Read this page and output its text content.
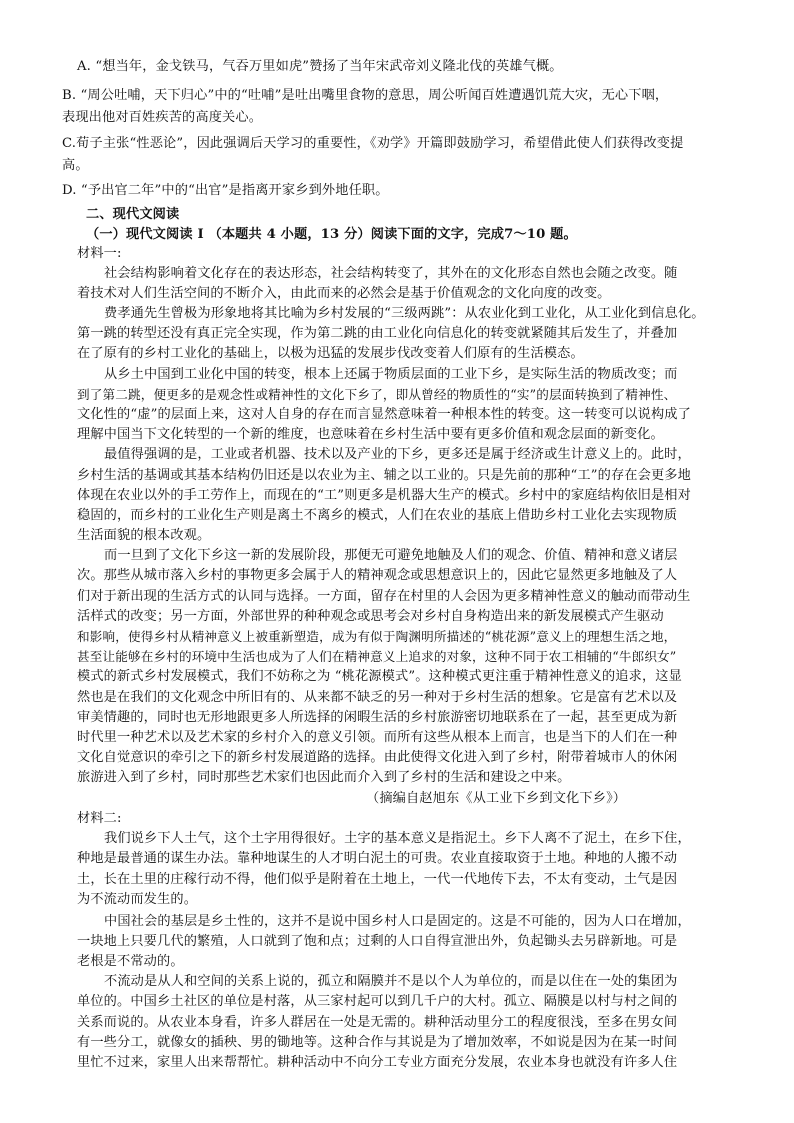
A. “想当年，金戈铁马，气吞万里如虎”赞扬了当年宋武帝刘义隆北伐的英雄气概。
B. “周公吐哺，天下归心”中的“吐哺”是吐出嘴里食物的意思，周公听闻百姓遭遇饥荒大灾，无心下咽，
表现出他对百姓疾苦的高度关心。
C.荀子主张“性恶论”，因此强调后天学习的重要性，《劝学》开篇即鼓励学习，希望借此使人们获得改变提
高。
D. “予出官二年”中的“出官”是指离开家乡到外地任职。
二、现代文阅读
（一）现代文阅读 I （本题共 4 小题，13 分）阅读下面的文字，完成7～10 题。
材料一:
社会结构影响着文化存在的表达形态，社会结构转变了，其外在的文化形态自然也会随之改变。随
着技术对人们生活空间的不断介入，由此而来的必然会是基于价值观念的文化向度的改变。
费孝通先生曾极为形象地将其比喻为乡村发展的“三级两跳”：从农业化到工业化，从工业化到信息化。
第一跳的转型还没有真正完全实现，作为第二跳的由工业化向信息化的转变就紧随其后发生了，并叠加
在了原有的乡村工业化的基础上，以极为迅猛的发展步伐改变着人们原有的生活模态。
从乡土中国到工业化中国的转变，根本上还属于物质层面的工业下乡，是实际生活的物质改变；而
到了第二跳，便更多的是观念性或精神性的文化下乡了，即从曾经的物质性的“实”的层面转换到了精神性、
文化性的“虚”的层面上来，这对人自身的存在而言显然意味着一种根本性的转变。这一转变可以说构成了
理解中国当下文化转型的一个新的维度，也意味着在乡村生活中要有更多价值和观念层面的新变化。
最值得强调的是，工业或者机器、技术以及产业的下乡，更多还是属于经济或生计意义上的。此时，
乡村生活的基调或其基本结构仍旧还是以农业为主、辅之以工业的。只是先前的那种“工”的存在会更多地
体现在农业以外的手工劳作上，而现在的“工”则更多是机器大生产的模式。乡村中的家庭结构依旧是相对
稳固的，而乡村的工业化生产则是离土不离乡的模式，人们在农业的基底上借助乡村工业化去实现物质
生活面貌的根本改观。
而一旦到了文化下乡这一新的发展阶段，那便无可避免地触及人们的观念、价值、精神和意义诸层
次。那些从城市落入乡村的事物更多会属于人的精神观念或思想意识上的，因此它显然更多地触及了人
们对于新出现的生活方式的认同与选择。一方面，留存在村里的人会因为更多精神性意义的触动而带动生
活样式的改变；另一方面，外部世界的种种观念或思考会对乡村自身构造出来的新发展模式产生驱动
和影响，使得乡村从精神意义上被重新塑造，成为有似于陶渊明所描述的“桃花源”意义上的理想生活之地，
甚至让能够在乡村的环境中生活也成为了人们在精神意义上追求的对象，这种不同于农工相辅的“牛郎织女”
模式的新式乡村发展模式，我们不妨称之为 “桃花源模式”。这种模式更注重于精神性意义的追求，这显
然也是在我们的文化观念中所旧有的、从来都不缺乏的另一种对于乡村生活的想象。它是富有艺术以及
审美情趣的，同时也无形地跟更多人所选择的闲暇生活的乡村旅游密切地联系在了一起，甚至更成为新
时代里一种艺术以及艺术家的乡村介入的意义引领。而所有这些从根本上而言，也是当下的人们在一种
文化自觉意识的牵引之下的新乡村发展道路的选择。由此使得文化进入到了乡村，附带着城市人的休闲
旅游进入到了乡村，同时那些艺术家们也因此而介入到了乡村的生活和建设之中来。
（摘编自赵旭东《从工业下乡到文化下乡》）
材料二:
我们说乡下人土气，这个土字用得很好。土字的基本意义是指泥土。乡下人离不了泥土，在乡下住，
种地是最普通的谋生办法。靠种地谋生的人才明白泥土的可贵。农业直接取资于土地。种地的人搬不动
土，长在土里的庄稼行动不得，他们似乎是附着在土地上，一代一代地传下去，不太有变动，土气是因
为不流动而发生的。
中国社会的基层是乡土性的，这并不是说中国乡村人口是固定的。这是不可能的，因为人口在增加，
一块地上只要几代的繁殖，人口就到了饱和点；过剩的人口自得宣泄出外，负起锄头去另辟新地。可是
老根是不常动的。
不流动是从人和空间的关系上说的，孤立和隔膜并不是以个人为单位的，而是以住在一处的集团为
单位的。中国乡土社区的单位是村落，从三家村起可以到几千户的大村。孤立、隔膜是以村与村之间的
关系而说的。从农业本身看，许多人群居在一处是无需的。耕种活动里分工的程度很浅，至多在男女间
有一些分工，就像女的插秧、男的锄地等。这种合作与其说是为了增加效率，不如说是因为在某一时间
里忙不过来，家里人出来帮帮忙。耕种活动中不向分工专业方面充分发展，农业本身也就没有许多人住
